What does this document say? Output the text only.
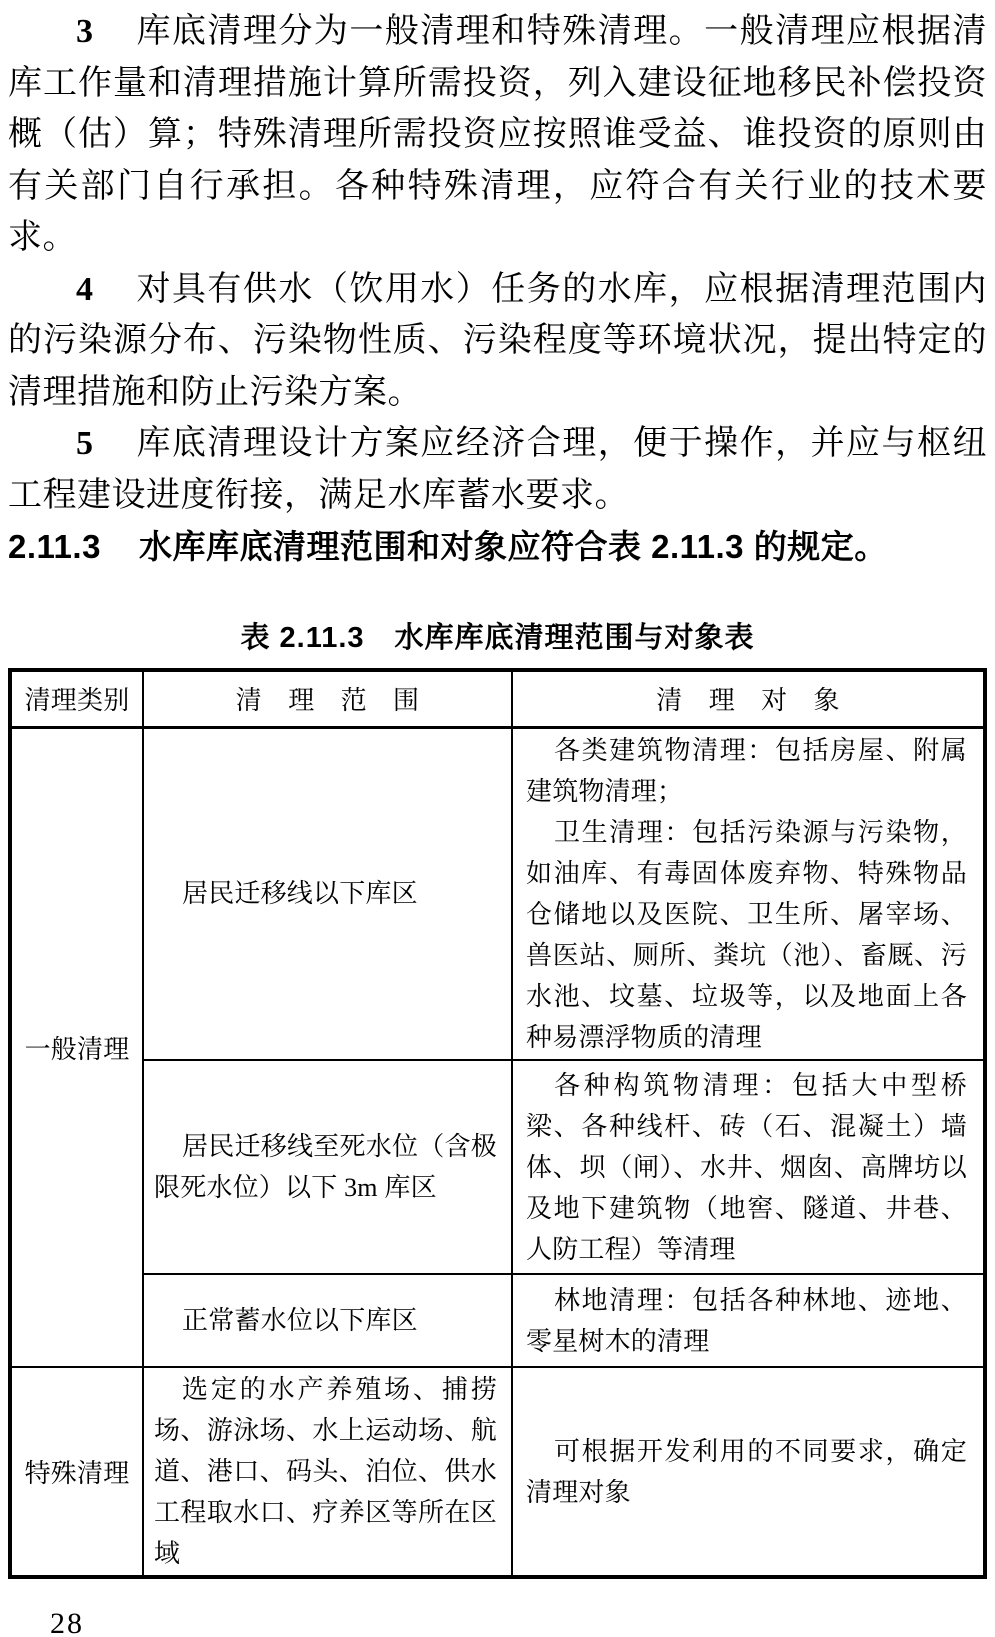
3 库底清理分为一般清理和特殊清理。一般清理应根据清库工作量和清理措施计算所需投资，列入建设征地移民补偿投资概（估）算；特殊清理所需投资应按照谁受益、谁投资的原则由有关部门自行承担。各种特殊清理，应符合有关行业的技术要求。

4 对具有供水（饮用水）任务的水库，应根据清理范围内的污染源分布、污染物性质、污染程度等环境状况，提出特定的清理措施和防止污染方案。

5 库底清理设计方案应经济合理，便于操作，并应与枢纽工程建设进度衔接，满足水库蓄水要求。

2.11.3 水库库底清理范围和对象应符合表 2.11.3 的规定。

表 2.11.3　水库库底清理范围与对象表
清理类别	清　理　范　围	清　理　对　象
一般清理	居民迁移线以下库区	各类建筑物清理：包括房屋、附属建筑物清理；

卫生清理：包括污染源与污染物，如油库、有毒固体废弃物、特殊物品仓储地以及医院、卫生所、屠宰场、兽医站、厕所、粪坑（池）、畜厩、污水池、坟墓、垃圾等，以及地面上各种易漂浮物质的清理

	居民迁移线至死水位（含极限死水位）以下 3m 库区	各种构筑物清理：包括大中型桥梁、各种线杆、砖（石、混凝土）墙体、坝（闸）、水井、烟囱、高牌坊以及地下建筑物（地窖、隧道、井巷、人防工程）等清理

	正常蓄水位以下库区	林地清理：包括各种林地、迹地、零星树木的清理

特殊清理	选定的水产养殖场、捕捞场、游泳场、水上运动场、航道、港口、码头、泊位、供水工程取水口、疗养区等所在区域	可根据开发利用的不同要求，确定清理对象

28
